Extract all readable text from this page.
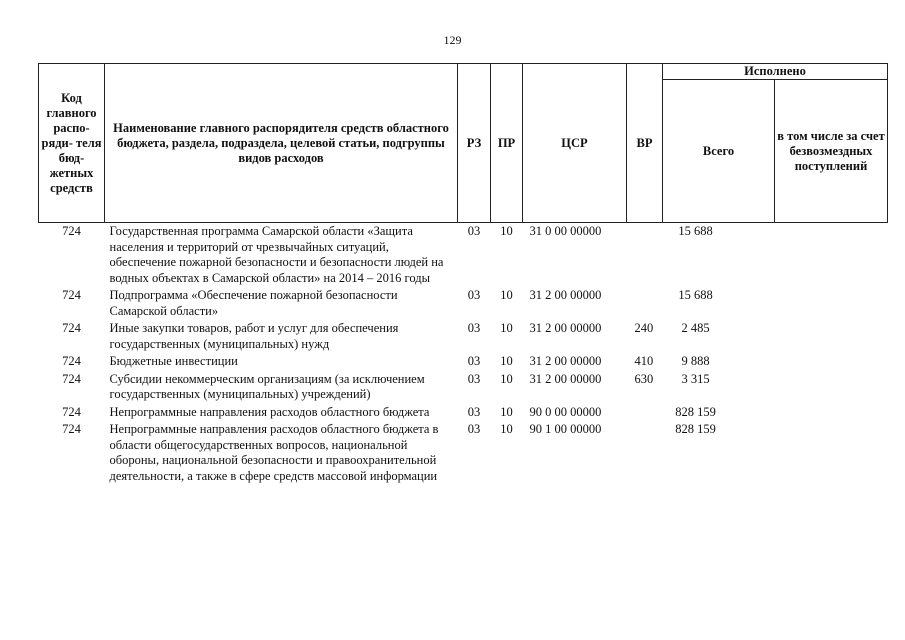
129
Код главного распо- ряди- теля бюд- жетных средств	Наименование главного распорядителя средств областного бюджета, раздела, подраздела, целевой статьи, подгруппы видов расходов	РЗ	ПР	ЦСР	ВР	Исполнено	
						Всего	в том числе за счет безвозмездных поступлений
724	Государственная программа Самарской области «Защита населения и территорий от чрезвычайных ситуаций, обеспечение пожарной безопасности и безопасности людей на водных объектах в Самарской области» на 2014 – 2016 годы	03	10	31 0 00 00000		15 688	
724	Подпрограмма «Обеспечение пожарной безопасности Самарской области»	03	10	31 2 00 00000		15 688	
724	Иные закупки товаров, работ и услуг для обеспечения государственных (муниципальных) нужд	03	10	31 2 00 00000	240	2 485	
724	Бюджетные инвестиции	03	10	31 2 00 00000	410	9 888	
724	Субсидии некоммерческим организациям (за исключением государственных (муниципальных) учреждений)	03	10	31 2 00 00000	630	3 315	
724	Непрограммные направления расходов областного бюджета	03	10	90 0 00 00000		828 159	
724	Непрограммные направления расходов областного бюджета в области общегосударственных вопросов, национальной обороны, национальной безопасности и правоохранительной деятельности, а также в сфере средств массовой информации	03	10	90 1 00 00000		828 159	
